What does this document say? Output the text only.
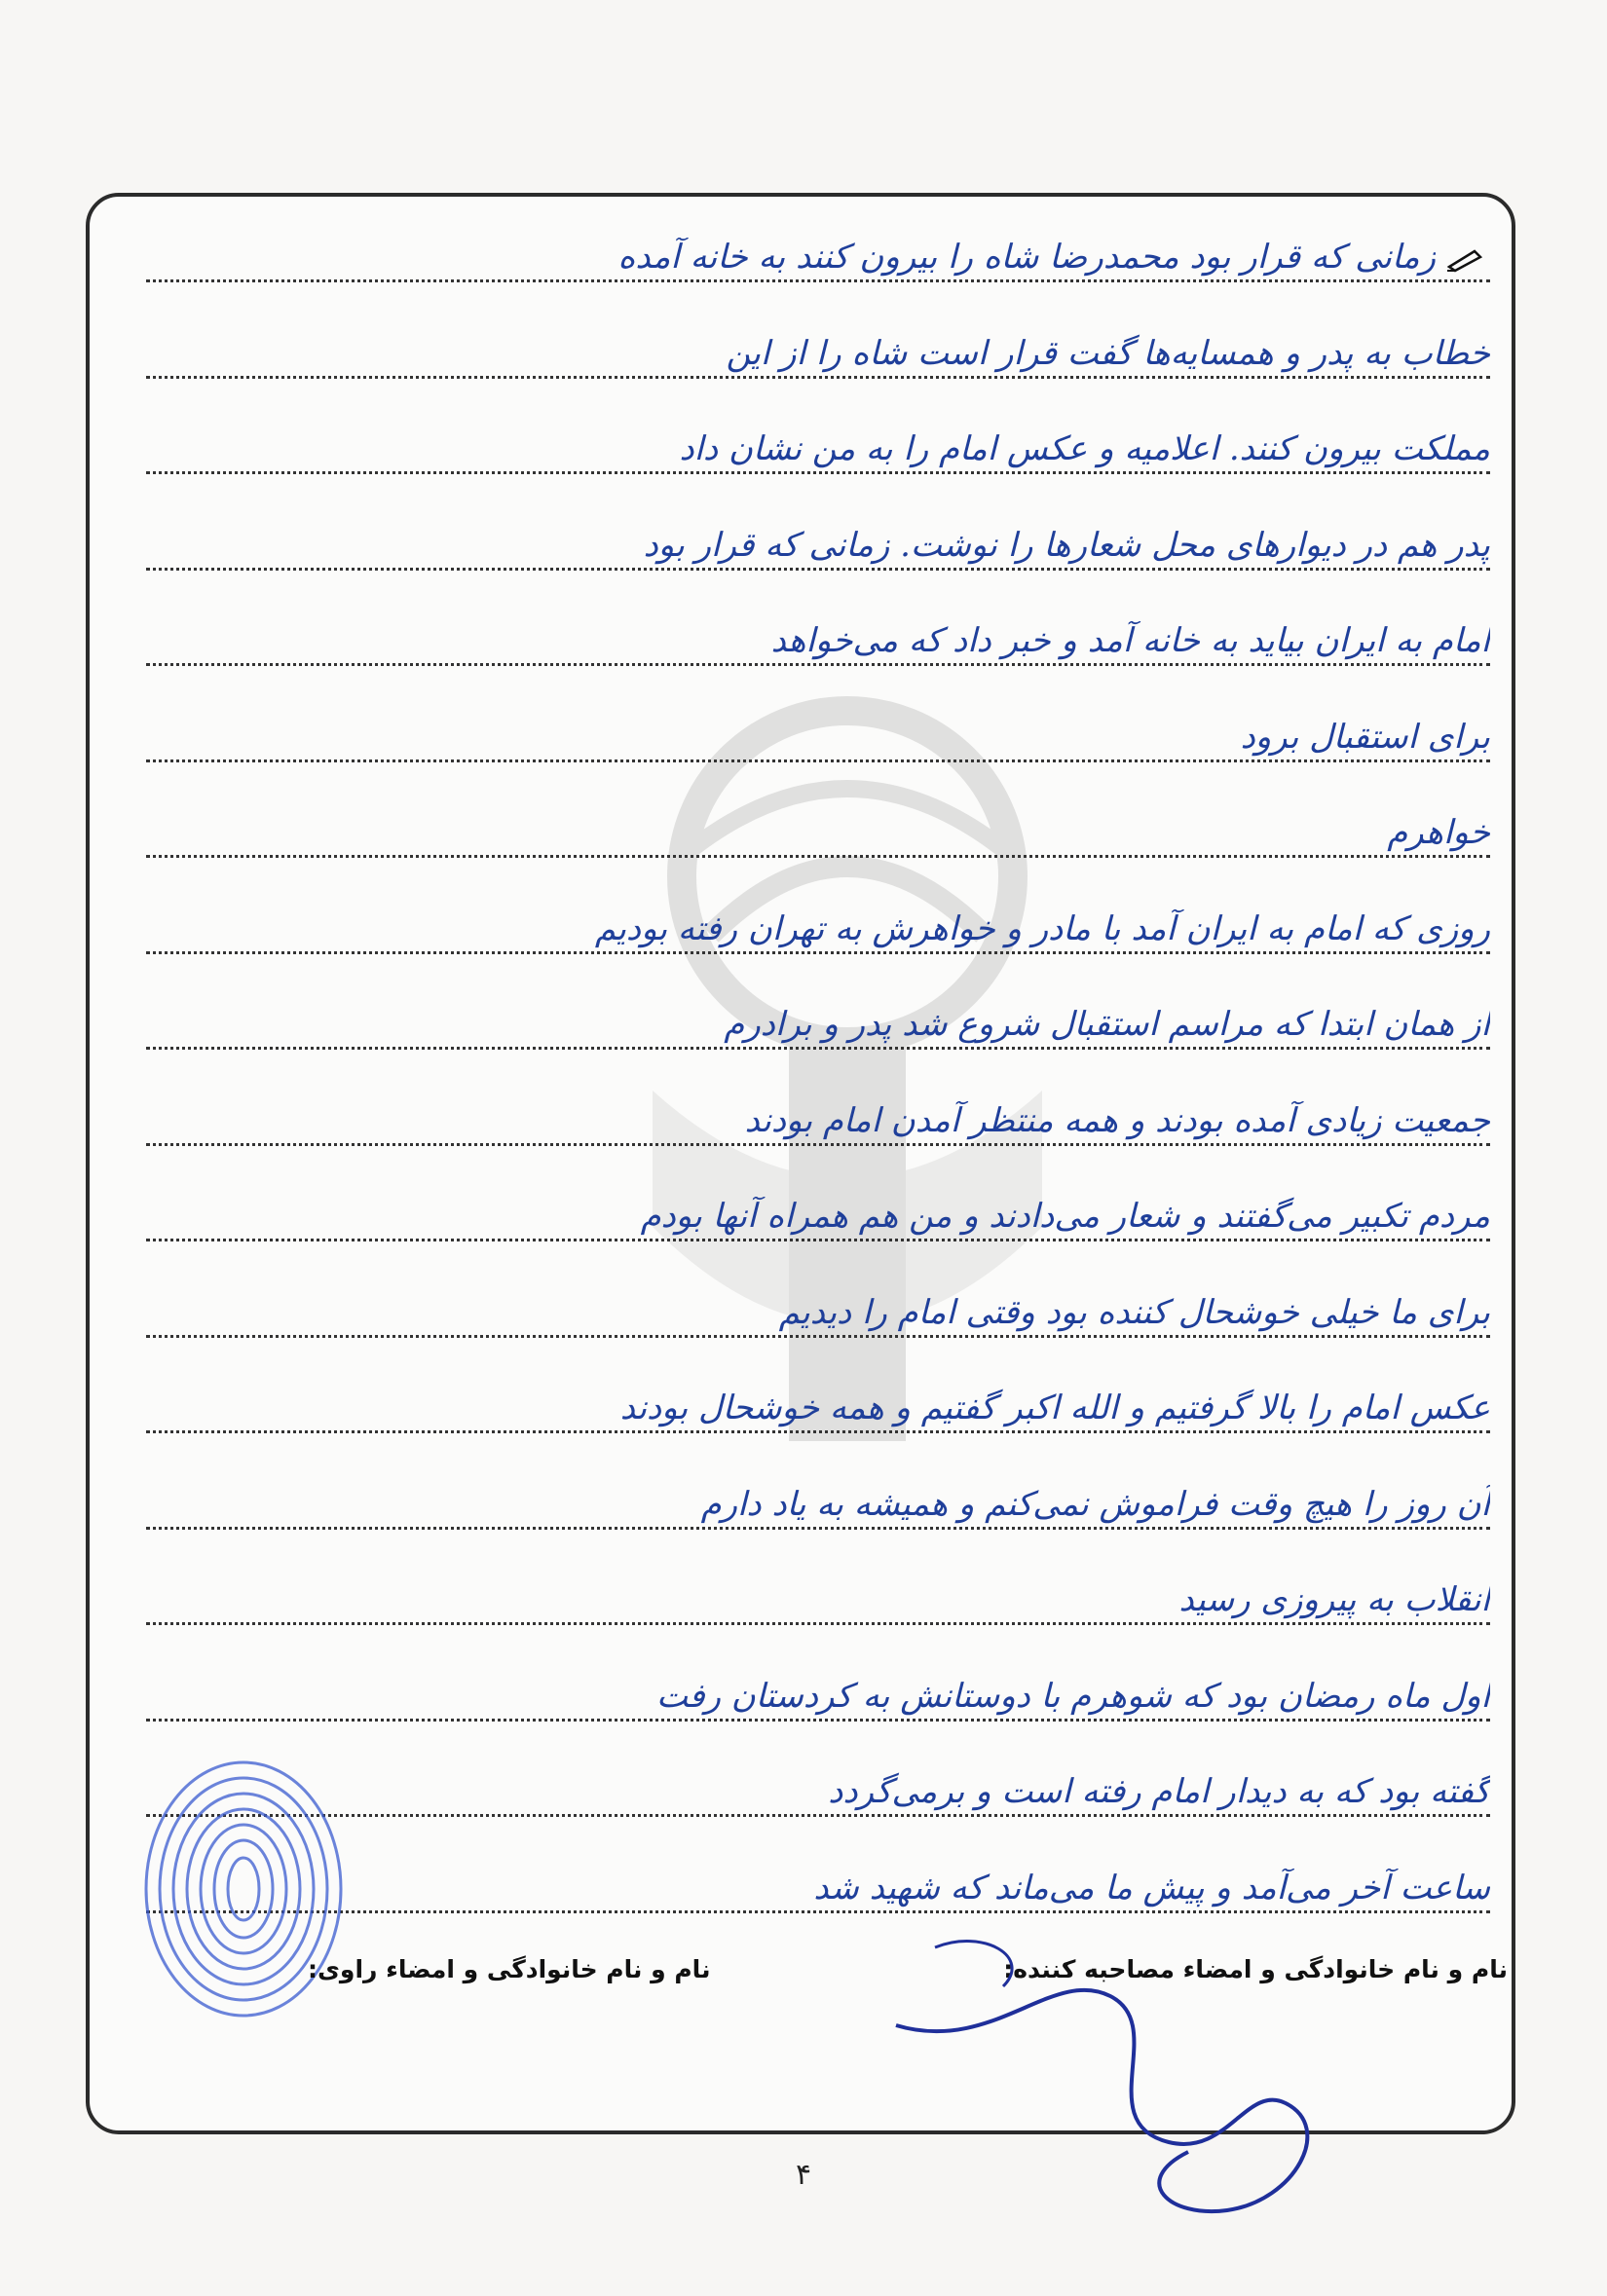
زمانی که قرار بود محمدرضا شاه را بیرون کنند به خانه آمده
خطاب به پدر و همسایه‌ها گفت قرار است شاه را از این
مملکت بیرون کنند. اعلامیه و عکس امام را به من نشان داد
پدر هم در دیوارهای محل شعارها را نوشت. زمانی که قرار بود
امام به ایران بیاید به خانه آمد و خبر داد که می‌خواهد
برای استقبال برود
خواهرم
روزی که امام به ایران آمد با مادر و خواهرش به تهران رفته بودیم
از همان ابتدا که مراسم استقبال شروع شد پدر و برادرم
جمعیت زیادی آمده بودند و همه منتظر آمدن امام بودند
مردم تکبیر می‌گفتند و شعار می‌دادند و من هم همراه آنها بودم
برای ما خیلی خوشحال کننده بود وقتی امام را دیدیم
عکس امام را بالا گرفتیم و الله اکبر گفتیم و همه خوشحال بودند
آن روز را هیچ وقت فراموش نمی‌کنم و همیشه به یاد دارم
انقلاب به پیروزی رسید
اول ماه رمضان بود که شوهرم با دوستانش به کردستان رفت
گفته بود که به دیدار امام رفته است و برمی‌گردد
ساعت آخر می‌آمد و پیش ما می‌ماند که شهید شد
نام و نام خانوادگی و امضاء مصاحبه کننده:
نام و نام خانوادگی و امضاء راوی:
۴
